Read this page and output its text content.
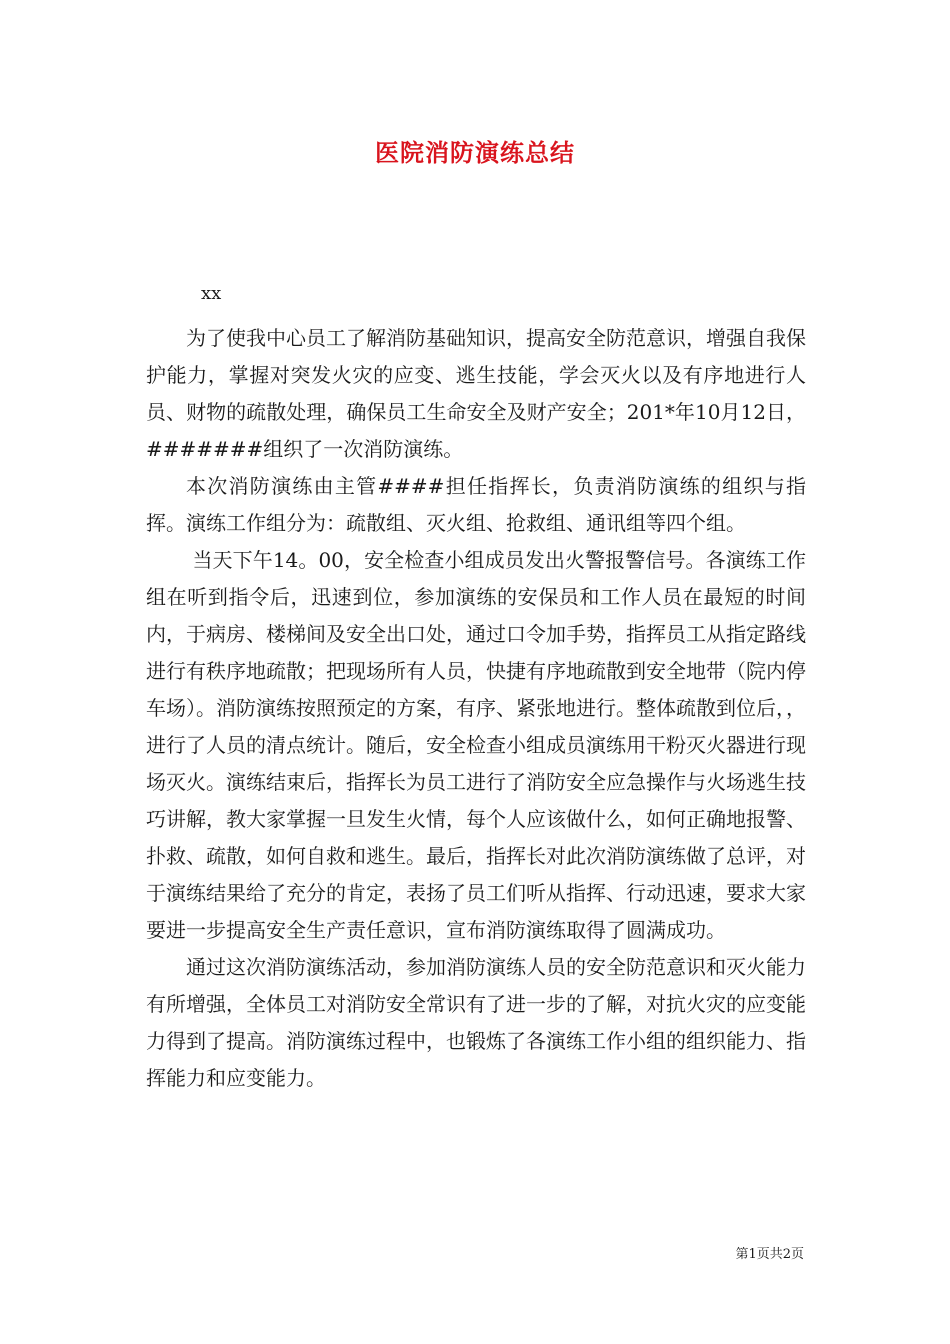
医院消防演练总结

xx

为了使我中心员工了解消防基础知识，提高安全防范意识，增强自我保护能力，掌握对突发火灾的应变、逃生技能，学会灭火以及有序地进行人员、财物的疏散处理，确保员工生命安全及财产安全；201*年10月12日，#######组织了一次消防演练。

本次消防演练由主管####担任指挥长，负责消防演练的组织与指挥。演练工作组分为：疏散组、灭火组、抢救组、通讯组等四个组。

当天下午14。00，安全检查小组成员发出火警报警信号。各演练工作组在听到指令后，迅速到位，参加演练的安保员和工作人员在最短的时间内，于病房、楼梯间及安全出口处，通过口令加手势，指挥员工从指定路线进行有秩序地疏散；把现场所有人员，快捷有序地疏散到安全地带（院内停车场）。消防演练按照预定的方案，有序、紧张地进行。整体疏散到位后，，进行了人员的清点统计。随后，安全检查小组成员演练用干粉灭火器进行现场灭火。演练结束后，指挥长为员工进行了消防安全应急操作与火场逃生技巧讲解，教大家掌握一旦发生火情，每个人应该做什么，如何正确地报警、扑救、疏散，如何自救和逃生。最后，指挥长对此次消防演练做了总评，对于演练结果给了充分的肯定，表扬了员工们听从指挥、行动迅速，要求大家要进一步提高安全生产责任意识，宣布消防演练取得了圆满成功。

通过这次消防演练活动，参加消防演练人员的安全防范意识和灭火能力有所增强，全体员工对消防安全常识有了进一步的了解，对抗火灾的应变能力得到了提高。消防演练过程中，也锻炼了各演练工作小组的组织能力、指挥能力和应变能力。

第1页共2页
